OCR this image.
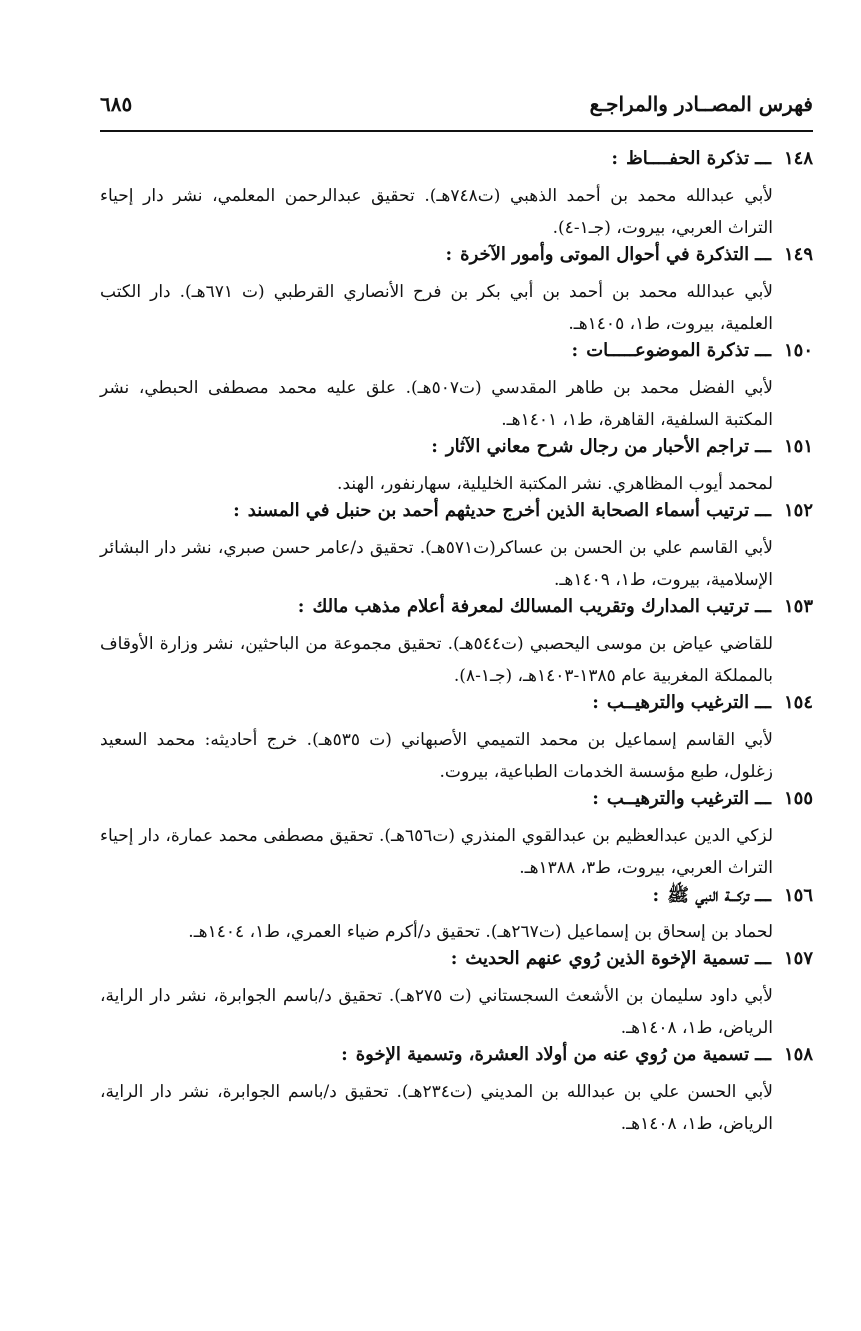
فهرس المصــادر والمراجـع
٦٨٥
١٤٨
ـــ
تذكرة الحفــــاظ
:
لأبي عبدالله محمد بن أحمد الذهبي (ت٧٤٨هـ). تحقيق عبدالرحمن المعلمي، نشر دار إحياء التراث العربي، بيروت، (جـ١-٤).
١٤٩
ـــ
التذكرة في أحوال الموتى وأمور الآخرة
:
لأبي عبدالله محمد بن أحمد بن أبي بكر بن فرح الأنصاري القرطبي (ت ٦٧١هـ). دار الكتب العلمية، بيروت، ط١، ١٤٠٥هـ.
١٥٠
ـــ
تذكرة الموضوعـــــات
:
لأبي الفضل محمد بن طاهر المقدسي (ت٥٠٧هـ). علق عليه محمد مصطفى الحبطي، نشر المكتبة السلفية، القاهرة، ط١، ١٤٠١هـ.
١٥١
ـــ
تراجم الأحبار من رجال شرح معاني الآثار
:
لمحمد أيوب المظاهري. نشر المكتبة الخليلية، سهارنفور، الهند.
١٥٢
ـــ
ترتيب أسماء الصحابة الذين أخرج حديثهم أحمد بن حنبل في المسند
:
لأبي القاسم علي بن الحسن بن عساكر(ت٥٧١هـ). تحقيق د/عامر حسن صبري، نشر دار البشائر الإسلامية، بيروت، ط١، ١٤٠٩هـ.
١٥٣
ـــ
ترتيب المدارك وتقريب المسالك لمعرفة أعلام مذهب مالك
:
للقاضي عياض بن موسى اليحصبي (ت٥٤٤هـ). تحقيق مجموعة من الباحثين، نشر وزارة الأوقاف بالمملكة المغربية عام ١٣٨٥-١٤٠٣هـ، (جـ١-٨).
١٥٤
ـــ
الترغيب والترهيــب
:
لأبي القاسم إسماعيل بن محمد التميمي الأصبهاني (ت ٥٣٥هـ). خرج أحاديثه: محمد السعيد زغلول، طبع مؤسسة الخدمات الطباعية، بيروت.
١٥٥
ـــ
الترغيب والترهيــب
:
لزكي الدين عبدالعظيم بن عبدالقوي المنذري (ت٦٥٦هـ). تحقيق مصطفى محمد عمارة، دار إحياء التراث العربي، بيروت، ط٣، ١٣٨٨هـ.
١٥٦
ـــ
تركـــة النبي ﷺ
:
لحماد بن إسحاق بن إسماعيل (ت٢٦٧هـ). تحقيق د/أكرم ضياء العمري، ط١، ١٤٠٤هـ.
١٥٧
ـــ
تسمية الإخوة الذين رُوي عنهم الحديث
:
لأبي داود سليمان بن الأشعث السجستاني (ت ٢٧٥هـ). تحقيق د/باسم الجوابرة، نشر دار الراية، الرياض، ط١، ١٤٠٨هـ.
١٥٨
ـــ
تسمية من رُوي عنه من أولاد العشرة، وتسمية الإخوة
:
لأبي الحسن علي بن عبدالله بن المديني (ت٢٣٤هـ). تحقيق د/باسم الجوابرة، نشر دار الراية، الرياض، ط١، ١٤٠٨هـ.
